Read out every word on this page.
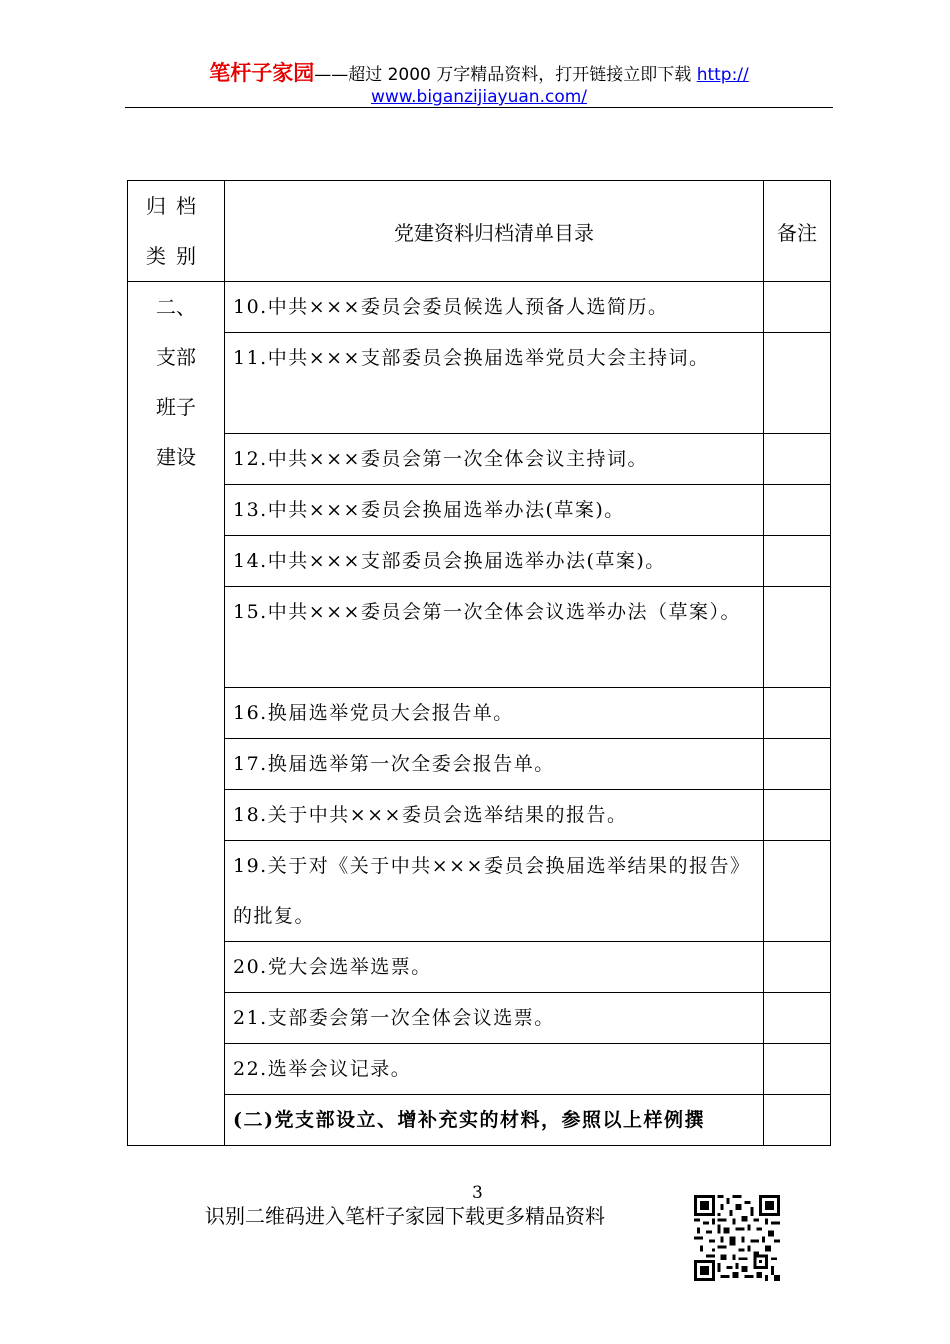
笔杆子家园——超过 2000 万字精品资料，打开链接立即下载 http://
www.biganzijiayuan.com/
归档
类别	党建资料归档清单目录	备注

二、
支部
班子
建设	10.中共×××委员会委员候选人预备人选简历。	
	11.中共×××支部委员会换届选举党员大会主持词。	
	12.中共×××委员会第一次全体会议主持词。	
	13.中共×××委员会换届选举办法(草案)。	
	14.中共×××支部委员会换届选举办法(草案)。	
	15.中共×××委员会第一次全体会议选举办法（草案）。	
	16.换届选举党员大会报告单。	
	17.换届选举第一次全委会报告单。	
	18.关于中共×××委员会选举结果的报告。	
	19.关于对《关于中共×××委员会换届选举结果的报告》的批复。	
	20.党大会选举选票。	
	21.支部委会第一次全体会议选票。	
	22.选举会议记录。	
	(二)党支部设立、增补充实的材料，参照以上样例撰	
3
识别二维码进入笔杆子家园下载更多精品资料
